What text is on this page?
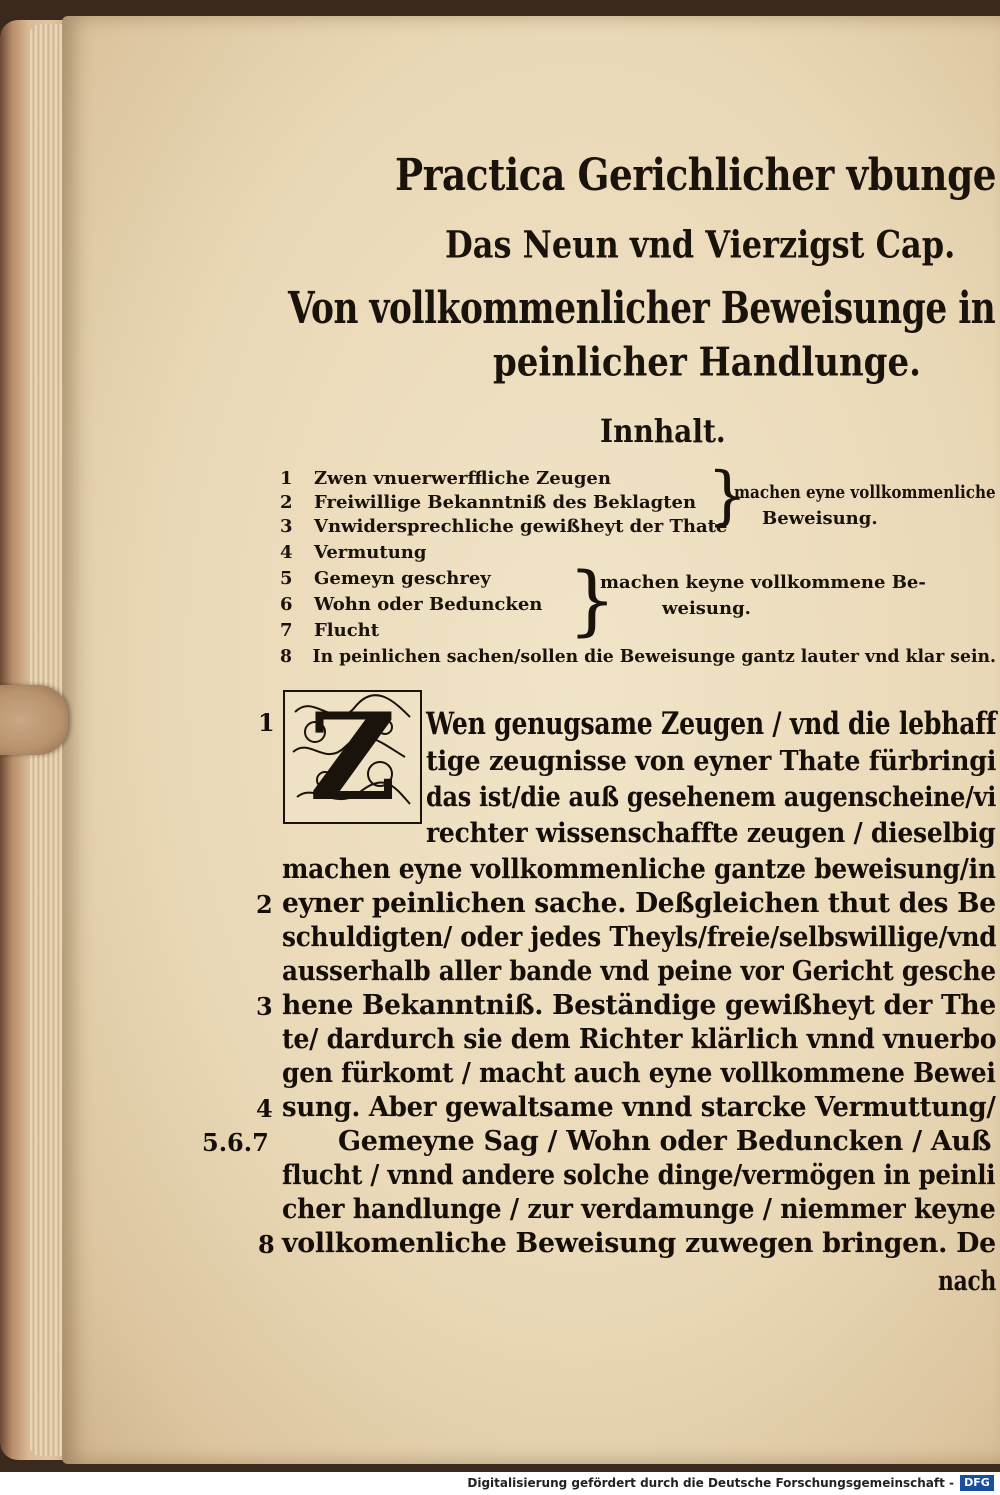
Practica Gerichlicher vbunge
Das Neun vnd Vierzigst Cap.
Von vollkommenlicher Beweisunge in
peinlicher Handlunge.
Innhalt.
1 Zwen vnuerwerffliche Zeugen
2 Freiwillige Bekanntniß des Beklagten
3 Vnwidersprechliche gewißheyt der Thate
4 Vermutung
5 Gemeyn geschrey
6 Wohn oder Beduncken
7 Flucht
8 In peinlichen sachen/sollen die Beweisunge gantz lauter vnd klar sein.
}
machen eyne vollkommenliche
Beweisung.
}
machen keyne vollkommene Be-
weisung.
Z Wen genugsame Zeugen / vnd die lebhaff
tige zeugnisse von eyner Thate fürbringi
das ist/die auß gesehenem augenscheine/vi
rechter wissenschaffte zeugen / dieselbig
machen eyne vollkommenliche gantze beweisung/in
eyner peinlichen sache. Deßgleichen thut des Be
schuldigten/ oder jedes Theyls/freie/selbswillige/vnd
ausserhalb aller bande vnd peine vor Gericht gesche
hene Bekanntniß. Beständige gewißheyt der The
te/ dardurch sie dem Richter klärlich vnnd vnuerbo
gen fürkomt / macht auch eyne vollkommene Bewei
sung. Aber gewaltsame vnnd starcke Vermuttung/
Gemeyne Sag / Wohn oder Beduncken / Auß
flucht / vnnd andere solche dinge/vermögen in peinli
cher handlunge / zur verdamunge / niemmer keyne
vollkomenliche Beweisung zuwegen bringen. De
nach
1
2
3
4
5.6.7
8
Digitalisierung gefördert durch die Deutsche Forschungsgemeinschaft - DFG
